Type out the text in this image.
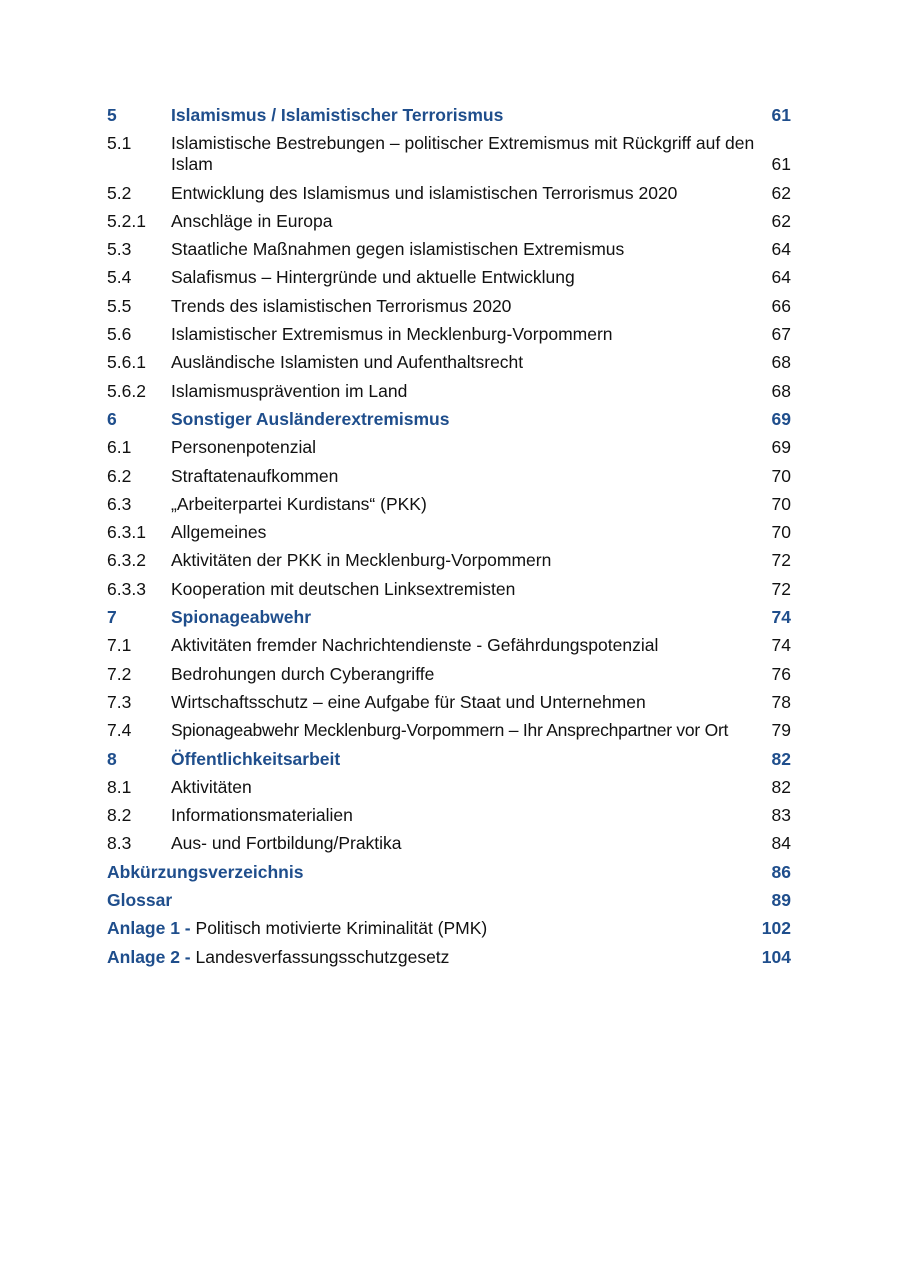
5	Islamismus / Islamistischer Terrorismus	61
5.1 Islamistische Bestrebungen – politischer Extremismus mit Rückgriff auf den Islam	61
5.2 Entwicklung des Islamismus und islamistischen Terrorismus 2020	62
5.2.1 Anschläge in Europa	62
5.3 Staatliche Maßnahmen gegen islamistischen Extremismus	64
5.4 Salafismus – Hintergründe und aktuelle Entwicklung	64
5.5 Trends des islamistischen Terrorismus 2020	66
5.6 Islamistischer Extremismus in Mecklenburg-Vorpommern	67
5.6.1 Ausländische Islamisten und Aufenthaltsrecht	68
5.6.2 Islamismusprävention im Land	68
6	Sonstiger Ausländerextremismus	69
6.1 Personenpotenzial	69
6.2 Straftatenaufkommen	70
6.3 „Arbeiterpartei Kurdistans“ (PKK)	70
6.3.1 Allgemeines	70
6.3.2 Aktivitäten der PKK in Mecklenburg-Vorpommern	72
6.3.3 Kooperation mit deutschen Linksextremisten	72
7	Spionageabwehr	74
7.1 Aktivitäten fremder Nachrichtendienste - Gefährdungspotenzial	74
7.2 Bedrohungen durch Cyberangriffe	76
7.3 Wirtschaftsschutz – eine Aufgabe für Staat und Unternehmen	78
7.4 Spionageabwehr Mecklenburg-Vorpommern – Ihr Ansprechpartner vor Ort	79
8	Öffentlichkeitsarbeit	82
8.1 Aktivitäten	82
8.2 Informationsmaterialien	83
8.3 Aus- und Fortbildung/Praktika	84
Abkürzungsverzeichnis	86
Glossar	89
Anlage 1 - Politisch motivierte Kriminalität (PMK)	102
Anlage 2 - Landesverfassungsschutzgesetz	104
